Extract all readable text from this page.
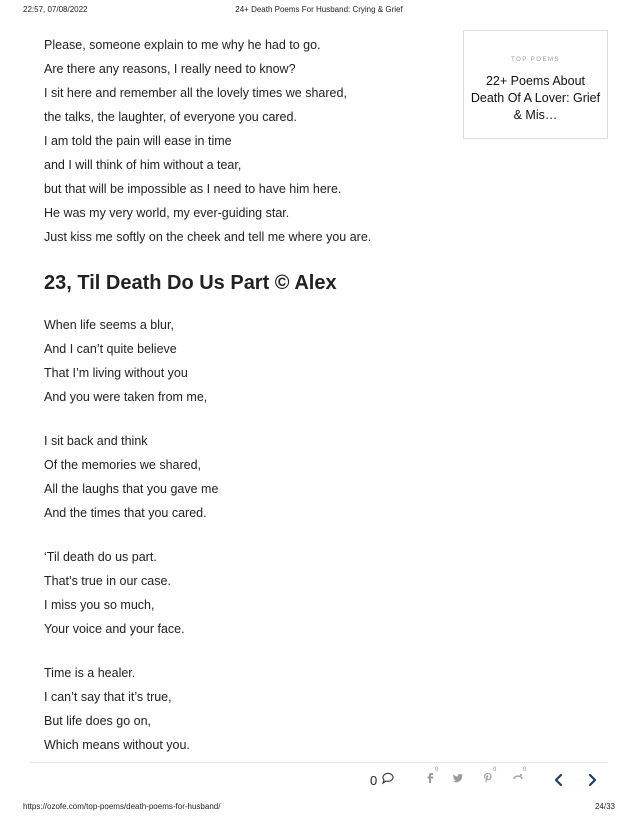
22:57, 07/08/2022	24+ Death Poems For Husband: Crying & Grief
Please, someone explain to me why he had to go.
Are there any reasons, I really need to know?
I sit here and remember all the lovely times we shared,
the talks, the laughter, of everyone you cared.
I am told the pain will ease in time
and I will think of him without a tear,
but that will be impossible as I need to have him here.
He was my very world, my ever-guiding star.
Just kiss me softly on the cheek and tell me where you are.
23, Til Death Do Us Part © Alex
When life seems a blur,
And I can’t quite believe
That I’m living without you
And you were taken from me,
I sit back and think
Of the memories we shared,
All the laughs that you gave me
And the times that you cared.
‘Til death do us part.
That’s true in our case.
I miss you so much,
Your voice and your face.
Time is a healer.
I can’t say that it’s true,
But life does go on,
Which means without you.
TOP POEMS
22+ Poems About Death Of A Lover: Grief & Mis…
0
0	0	0
https://ozofe.com/top-poems/death-poems-for-husband/	24/33
